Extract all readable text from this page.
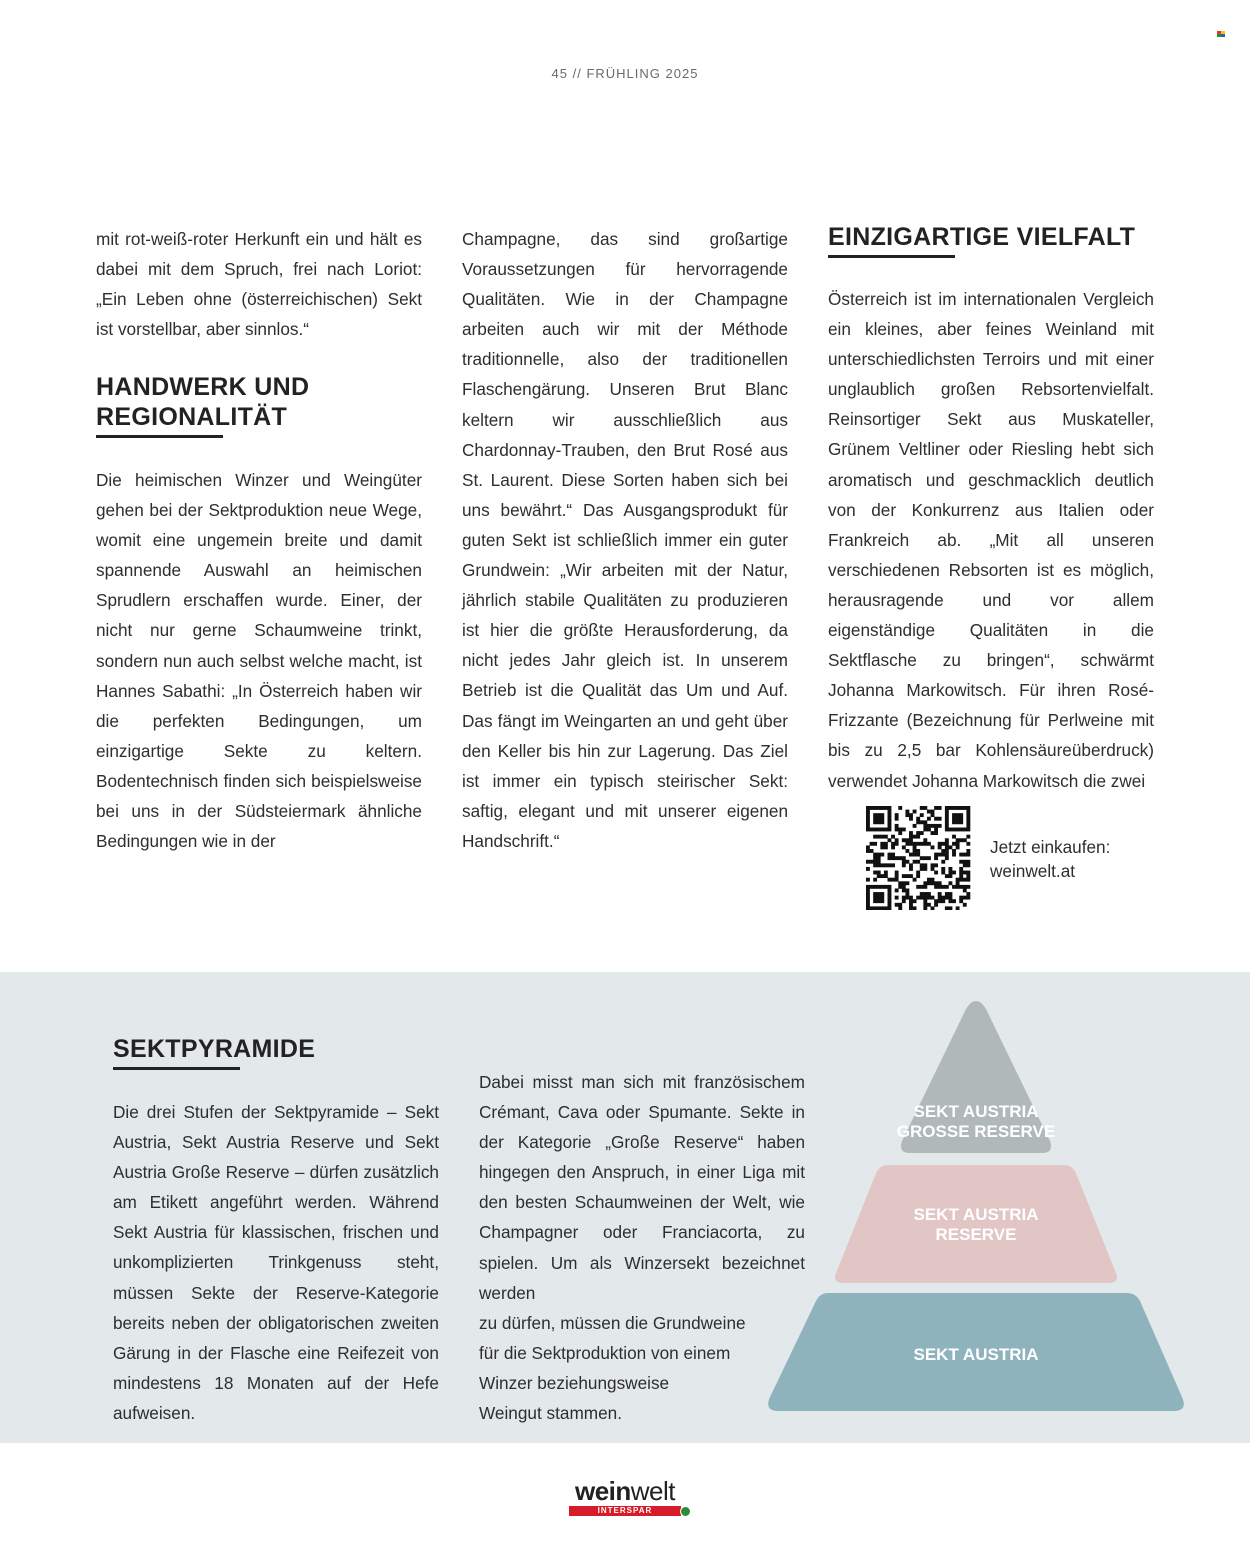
45 // FRÜHLING 2025

mit rot-weiß-roter Herkunft ein und hält es dabei mit dem Spruch, frei nach Loriot: „Ein Leben ohne (österreichischen) Sekt ist vorstellbar, aber sinnlos.“

HANDWERK UND
REGIONALITÄT

Die heimischen Winzer und Weingüter gehen bei der Sektproduktion neue Wege, womit eine ungemein breite und damit spannende Auswahl an heimischen Sprudlern erschaffen wurde. Einer, der nicht nur gerne Schaumweine trinkt, sondern nun auch selbst welche macht, ist Hannes Sabathi: „In Österreich haben wir die perfekten Bedingungen, um einzigartige Sekte zu keltern. Bodentechnisch finden sich beispielsweise bei uns in der Südsteiermark ähnliche Bedingungen wie in der

Champagne, das sind großartige Voraussetzungen für hervorragende Qualitäten. Wie in der Champagne arbeiten auch wir mit der Méthode traditionnelle, also der traditionellen Flaschengärung. Unseren Brut Blanc keltern wir ausschließlich aus Chardonnay-Trauben, den Brut Rosé aus St. Laurent. Diese Sorten haben sich bei uns bewährt.“ Das Ausgangsprodukt für guten Sekt ist schließlich immer ein guter Grundwein: „Wir arbeiten mit der Natur, jährlich stabile Qualitäten zu produzieren ist hier die größte Herausforderung, da nicht jedes Jahr gleich ist. In unserem Betrieb ist die Qualität das Um und Auf. Das fängt im Weingarten an und geht über den Keller bis hin zur Lagerung. Das Ziel ist immer ein typisch steirischer Sekt: saftig, elegant und mit unserer eigenen Handschrift.“

EINZIGARTIGE VIELFALT

Österreich ist im internationalen Vergleich ein kleines, aber feines Weinland mit unterschiedlichsten Terroirs und mit einer unglaublich großen Rebsortenvielfalt. Reinsortiger Sekt aus Muskateller, Grünem Veltliner oder Riesling hebt sich aromatisch und geschmacklich deutlich von der Konkurrenz aus Italien oder Frankreich ab. „Mit all unseren verschiedenen Rebsorten ist es möglich, herausragende und vor allem eigenständige Qualitäten in die Sektflasche zu bringen“, schwärmt Johanna Markowitsch. Für ihren Rosé-Frizzante (Bezeichnung für Perlweine mit bis zu 2,5 bar Kohlensäureüberdruck) verwendet Johanna Markowitsch die zwei

Jetzt einkaufen:
weinwelt.at
SEKTPYRAMIDE

Die drei Stufen der Sektpyramide – Sekt Austria, Sekt Austria Reserve und Sekt Austria Große Reserve – dürfen zusätzlich am Etikett angeführt werden. Während Sekt Austria für klassischen, frischen und unkomplizierten Trinkgenuss steht, müssen Sekte der Reserve-Kategorie bereits neben der obligatorischen zweiten Gärung in der Flasche eine Reifezeit von mindestens 18 Monaten auf der Hefe aufweisen.

Dabei misst man sich mit französischem Crémant, Cava oder Spumante. Sekte in der Kategorie „Große Reserve“ haben hingegen den Anspruch, in einer Liga mit den besten Schaumweinen der Welt, wie Champagner oder Franciacorta, zu spielen. Um als Winzersekt bezeichnet werden

zu dürfen, müssen die Grundweine
für die Sektproduktion von einem
Winzer beziehungsweise
Weingut stammen.
SEKT AUSTRIA
GROSSE RESERVE
SEKT AUSTRIA
RESERVE
SEKT AUSTRIA
weinwelt
INTERSPAR
